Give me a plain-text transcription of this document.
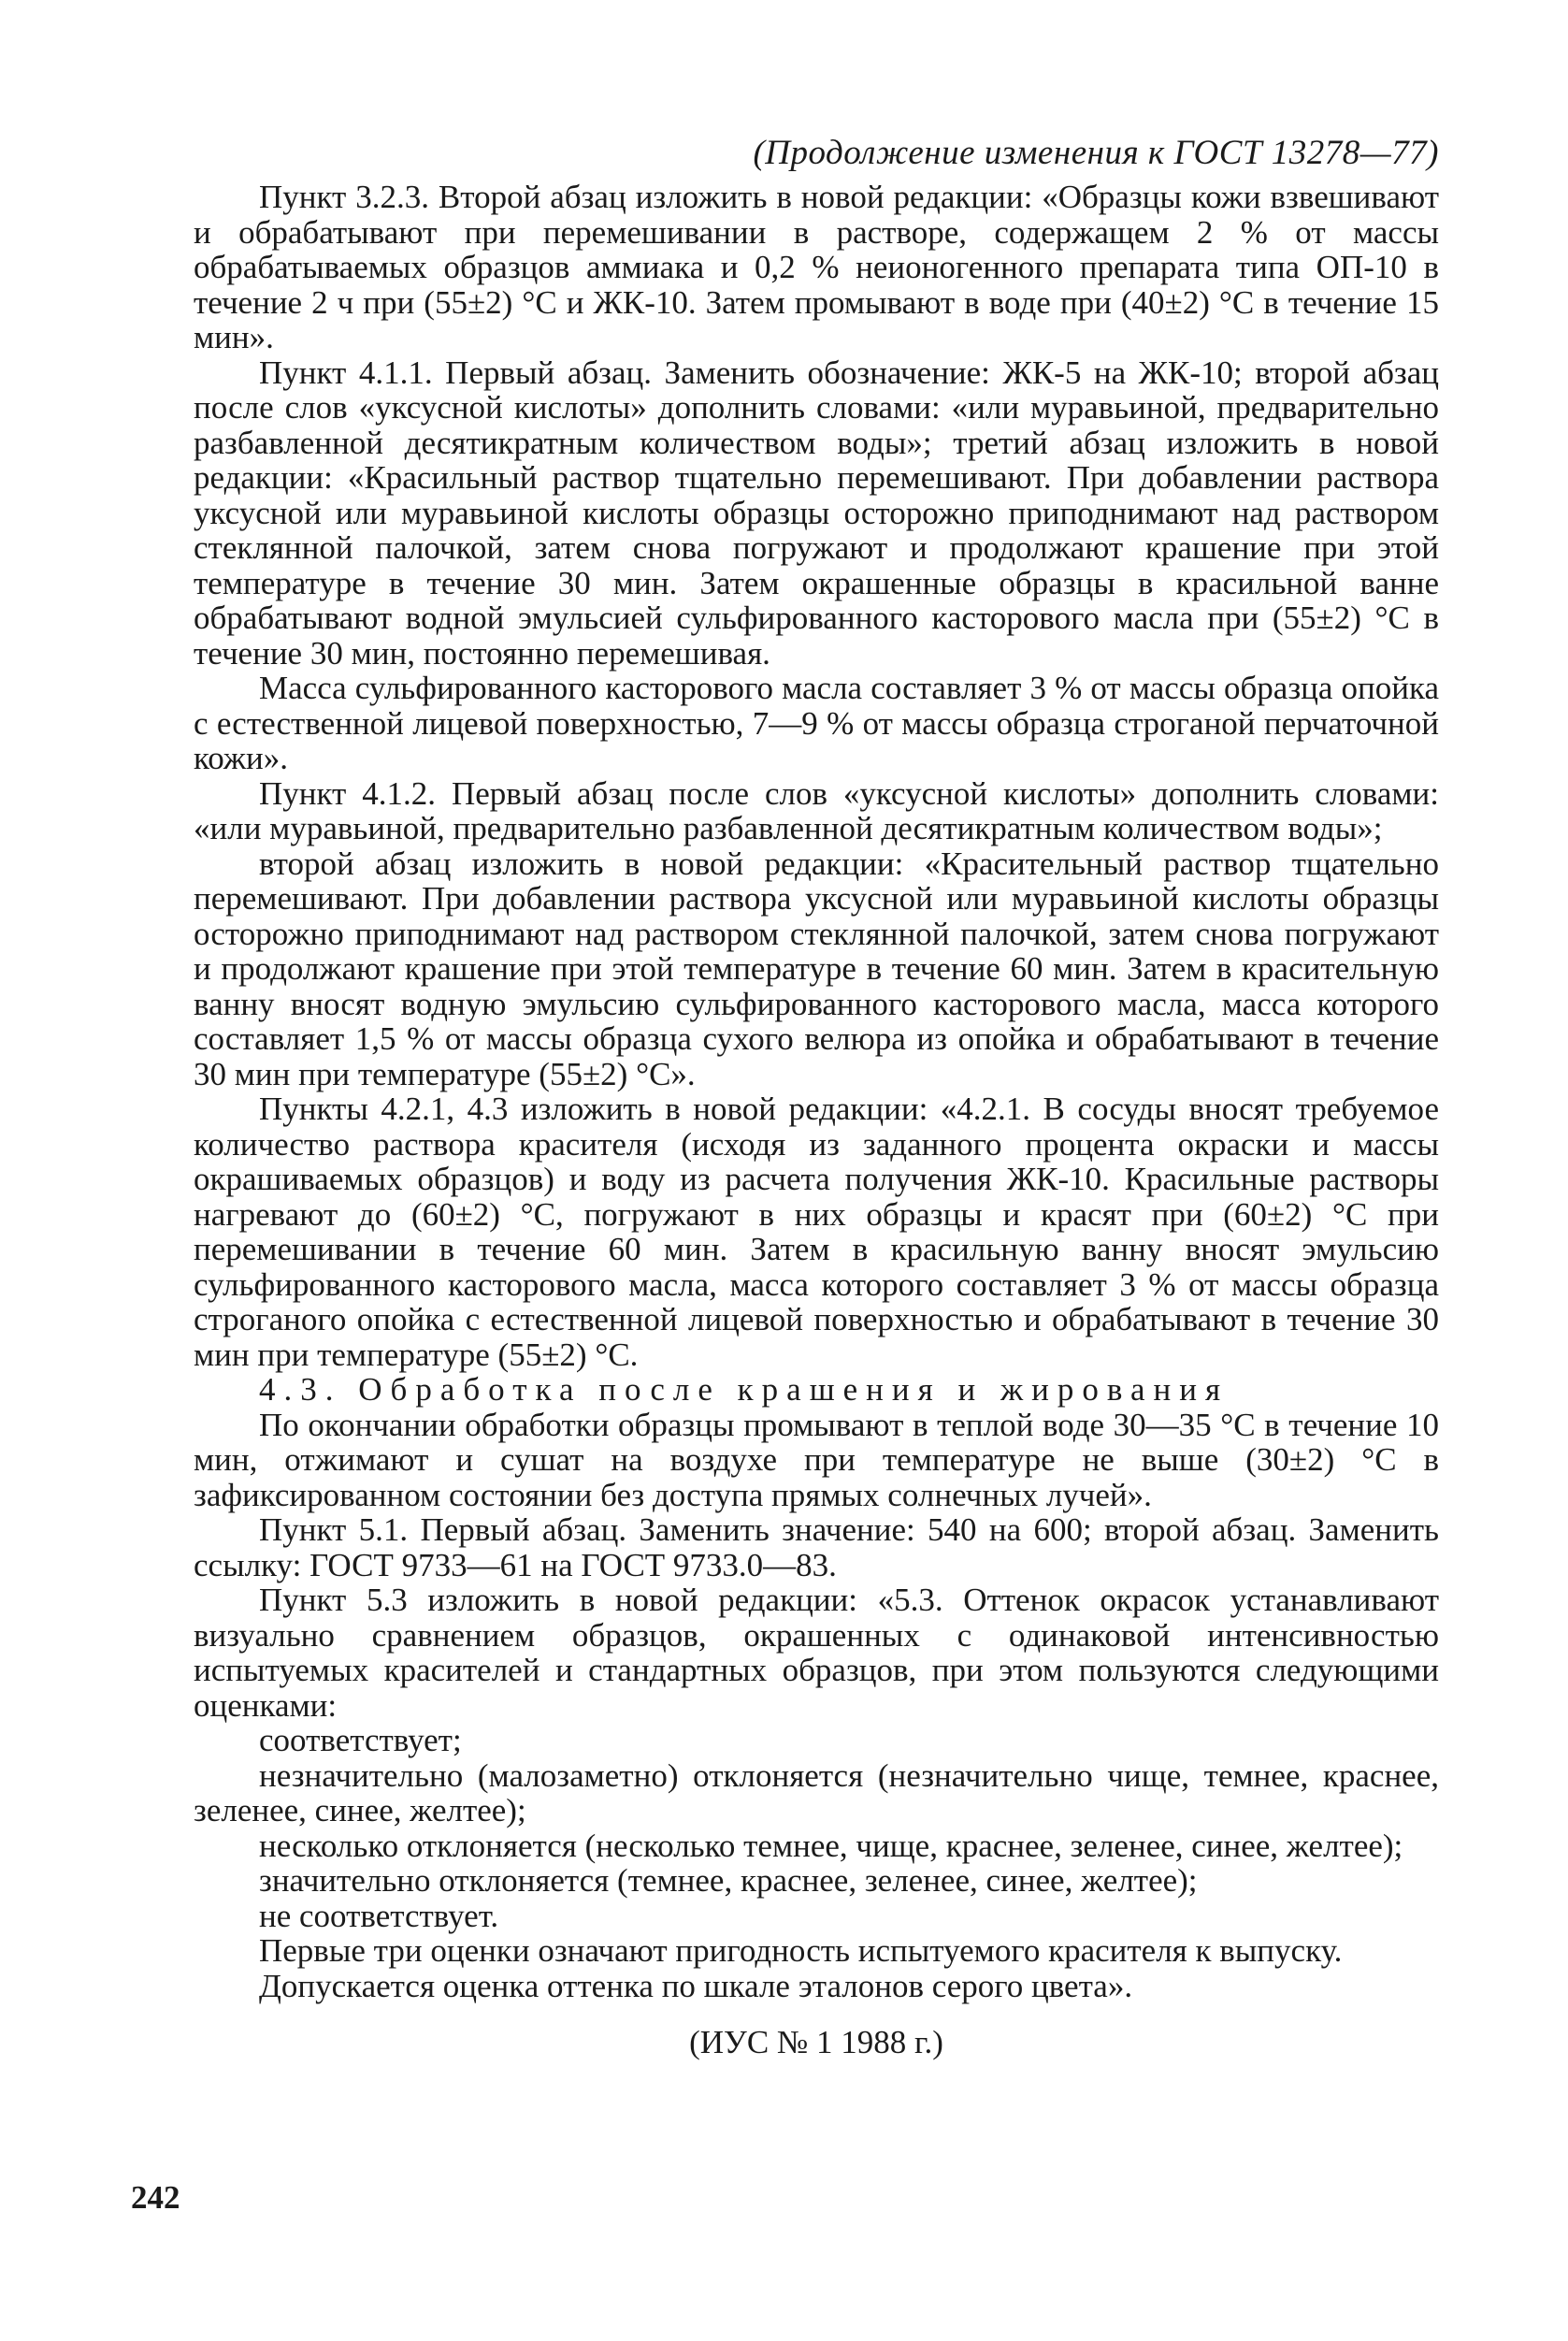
(Продолжение изменения к ГОСТ 13278—77)

Пункт 3.2.3. Второй абзац изложить в новой редакции: «Образцы кожи взвешивают и обрабатывают при перемешивании в растворе, содержащем 2 % от массы обрабатываемых образцов аммиака и 0,2 % неионогенного препарата типа ОП-10 в течение 2 ч при (55±2) °С и ЖК-10. Затем промывают в воде при (40±2) °С в течение 15 мин».

Пункт 4.1.1. Первый абзац. Заменить обозначение: ЖК-5 на ЖК-10; второй абзац после слов «уксусной кислоты» дополнить словами: «или муравьиной, предварительно разбавленной десятикратным количеством воды»; третий абзац изложить в новой редакции: «Красильный раствор тщательно перемешивают. При добавлении раствора уксусной или муравьиной кислоты образцы осторожно приподнимают над раствором стеклянной палочкой, затем снова погружают и продолжают крашение при этой температуре в течение 30 мин. Затем окрашенные образцы в красильной ванне обрабатывают водной эмульсией сульфированного касторового масла при (55±2) °С в течение 30 мин, постоянно перемешивая.

Масса сульфированного касторового масла составляет 3 % от массы образца опойка с естественной лицевой поверхностью, 7—9 % от массы образца строганой перчаточной кожи».

Пункт 4.1.2. Первый абзац после слов «уксусной кислоты» дополнить словами: «или муравьиной, предварительно разбавленной десятикратным количеством воды»;

второй абзац изложить в новой редакции: «Красительный раствор тщательно перемешивают. При добавлении раствора уксусной или муравьиной кислоты образцы осторожно приподнимают над раствором стеклянной палочкой, затем снова погружают и продолжают крашение при этой температуре в течение 60 мин. Затем в красительную ванну вносят водную эмульсию сульфированного касторового масла, масса которого составляет 1,5 % от массы образца сухого велюра из опойка и обрабатывают в течение 30 мин при температуре (55±2) °С».

Пункты 4.2.1, 4.3 изложить в новой редакции: «4.2.1. В сосуды вносят требуемое количество раствора красителя (исходя из заданного процента окраски и массы окрашиваемых образцов) и воду из расчета получения ЖК-10. Красильные растворы нагревают до (60±2) °С, погружают в них образцы и красят при (60±2) °С при перемешивании в течение 60 мин. Затем в красильную ванну вносят эмульсию сульфированного касторового масла, масса которого составляет 3 % от массы образца строганого опойка с естественной лицевой поверхностью и обрабатывают в течение 30 мин при температуре (55±2) °С.

4.3. Обработка после крашения и жирования

По окончании обработки образцы промывают в теплой воде 30—35 °С в течение 10 мин, отжимают и сушат на воздухе при температуре не выше (30±2) °С в зафиксированном состоянии без доступа прямых солнечных лучей».

Пункт 5.1. Первый абзац. Заменить значение: 540 на 600; второй абзац. Заменить ссылку: ГОСТ 9733—61 на ГОСТ 9733.0—83.

Пункт 5.3 изложить в новой редакции: «5.3. Оттенок окрасок устанавливают визуально сравнением образцов, окрашенных с одинаковой интенсивностью испытуемых красителей и стандартных образцов, при этом пользуются следующими оценками:

соответствует;

незначительно (малозаметно) отклоняется (незначительно чище, темнее, краснее, зеленее, синее, желтее);

несколько отклоняется (несколько темнее, чище, краснее, зеленее, синее, желтее);

значительно отклоняется (темнее, краснее, зеленее, синее, желтее);

не соответствует.

Первые три оценки означают пригодность испытуемого красителя к выпуску.

Допускается оценка оттенка по шкале эталонов серого цвета».

(ИУС № 1 1988 г.)
242
